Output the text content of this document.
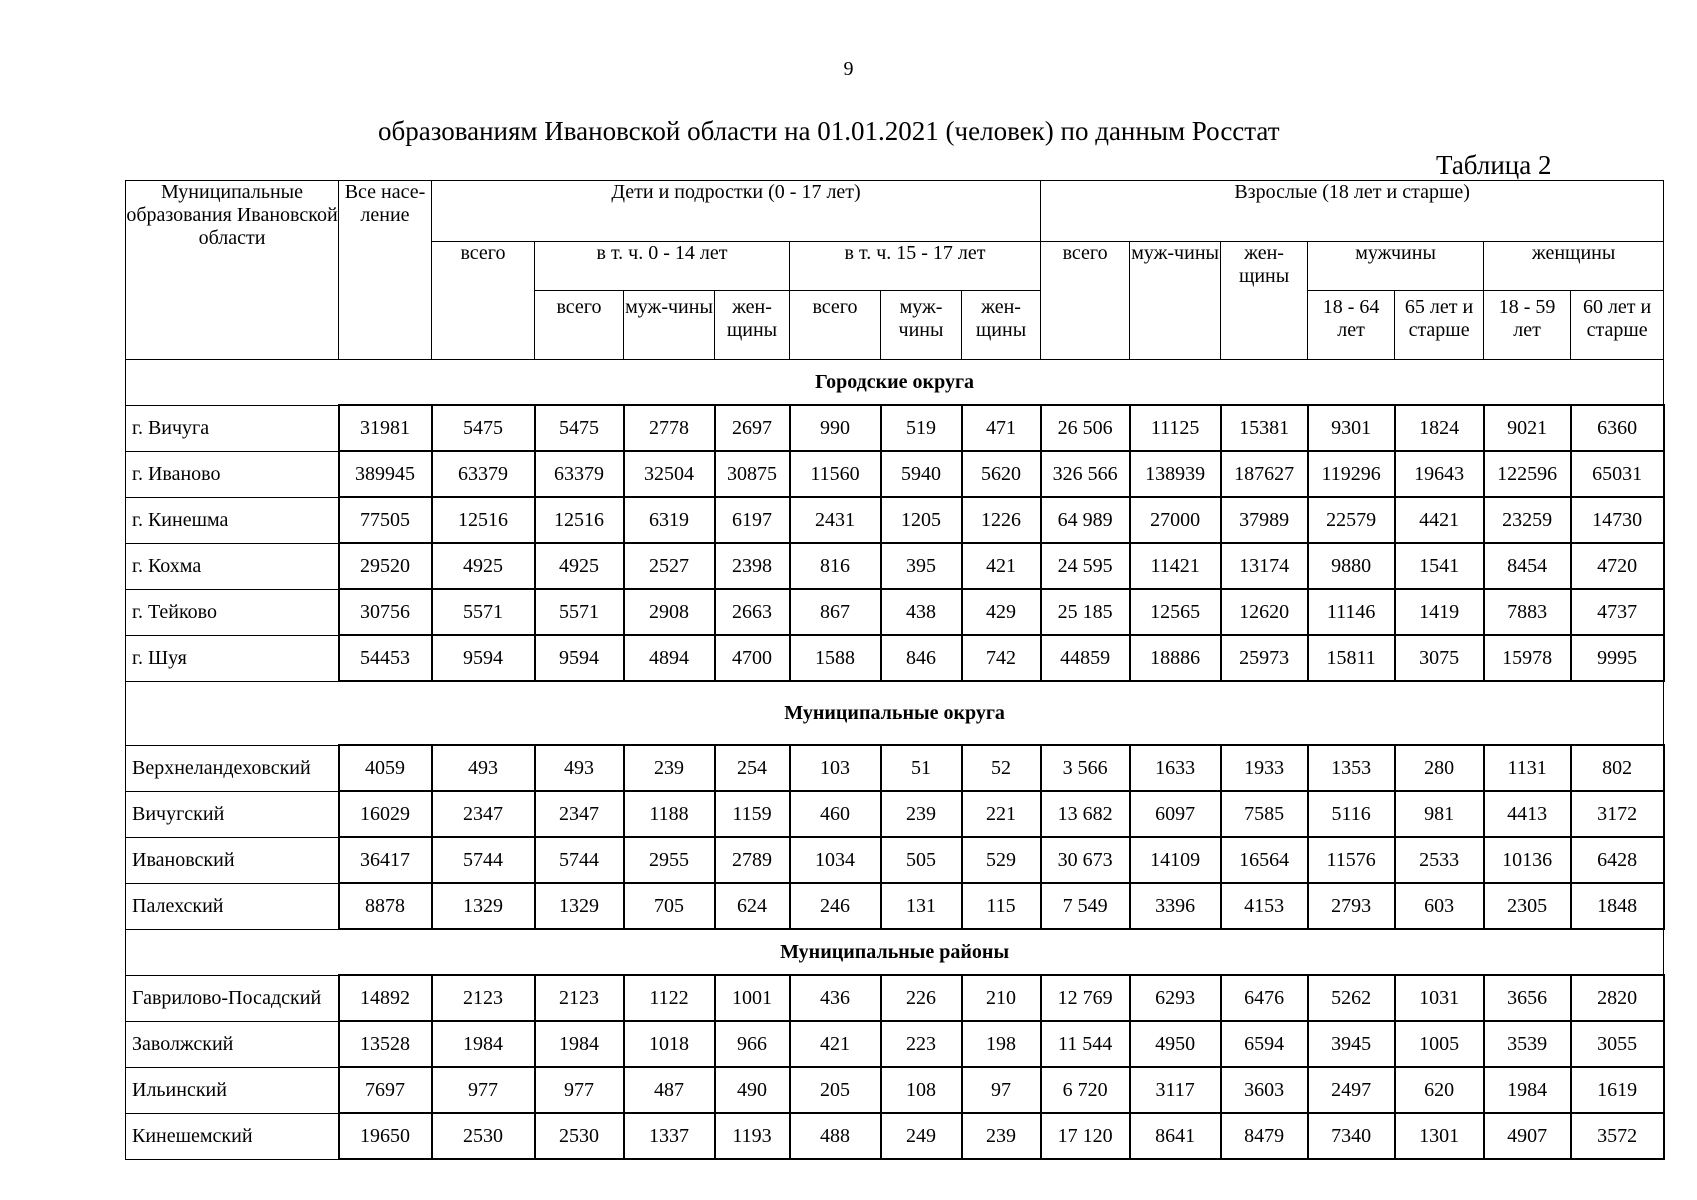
9
образованиям Ивановской области на 01.01.2021 (человек) по данным Росстат
Таблица 2
Муниципальные образования Ивановской области	Все насе-ление	Дети и подростки (0 - 17 лет)							Взрослые (18 лет и старше)						
		всего	в т. ч. 0 - 14 лет			в т. ч. 15 - 17 лет			всего	муж-чины	жен-щины	мужчины		женщины	
			всего	муж-чины	жен-щины	всего	муж-чины	жен-щины				18 - 64 лет	65 лет и старше	18 - 59 лет	60 лет и старше
Городские округа															
г. Вичуга	31981	5475	5475	2778	2697	990	519	471	26 506	11125	15381	9301	1824	9021	6360
г. Иваново	389945	63379	63379	32504	30875	11560	5940	5620	326 566	138939	187627	119296	19643	122596	65031
г. Кинешма	77505	12516	12516	6319	6197	2431	1205	1226	64 989	27000	37989	22579	4421	23259	14730
г. Кохма	29520	4925	4925	2527	2398	816	395	421	24 595	11421	13174	9880	1541	8454	4720
г. Тейково	30756	5571	5571	2908	2663	867	438	429	25 185	12565	12620	11146	1419	7883	4737
г. Шуя	54453	9594	9594	4894	4700	1588	846	742	44859	18886	25973	15811	3075	15978	9995
Муниципальные округа															
Верхнеландеховский	4059	493	493	239	254	103	51	52	3 566	1633	1933	1353	280	1131	802
Вичугский	16029	2347	2347	1188	1159	460	239	221	13 682	6097	7585	5116	981	4413	3172
Ивановский	36417	5744	5744	2955	2789	1034	505	529	30 673	14109	16564	11576	2533	10136	6428
Палехский	8878	1329	1329	705	624	246	131	115	7 549	3396	4153	2793	603	2305	1848
Муниципальные районы															
Гаврилово-Посадский	14892	2123	2123	1122	1001	436	226	210	12 769	6293	6476	5262	1031	3656	2820
Заволжский	13528	1984	1984	1018	966	421	223	198	11 544	4950	6594	3945	1005	3539	3055
Ильинский	7697	977	977	487	490	205	108	97	6 720	3117	3603	2497	620	1984	1619
Кинешемский	19650	2530	2530	1337	1193	488	249	239	17 120	8641	8479	7340	1301	4907	3572
